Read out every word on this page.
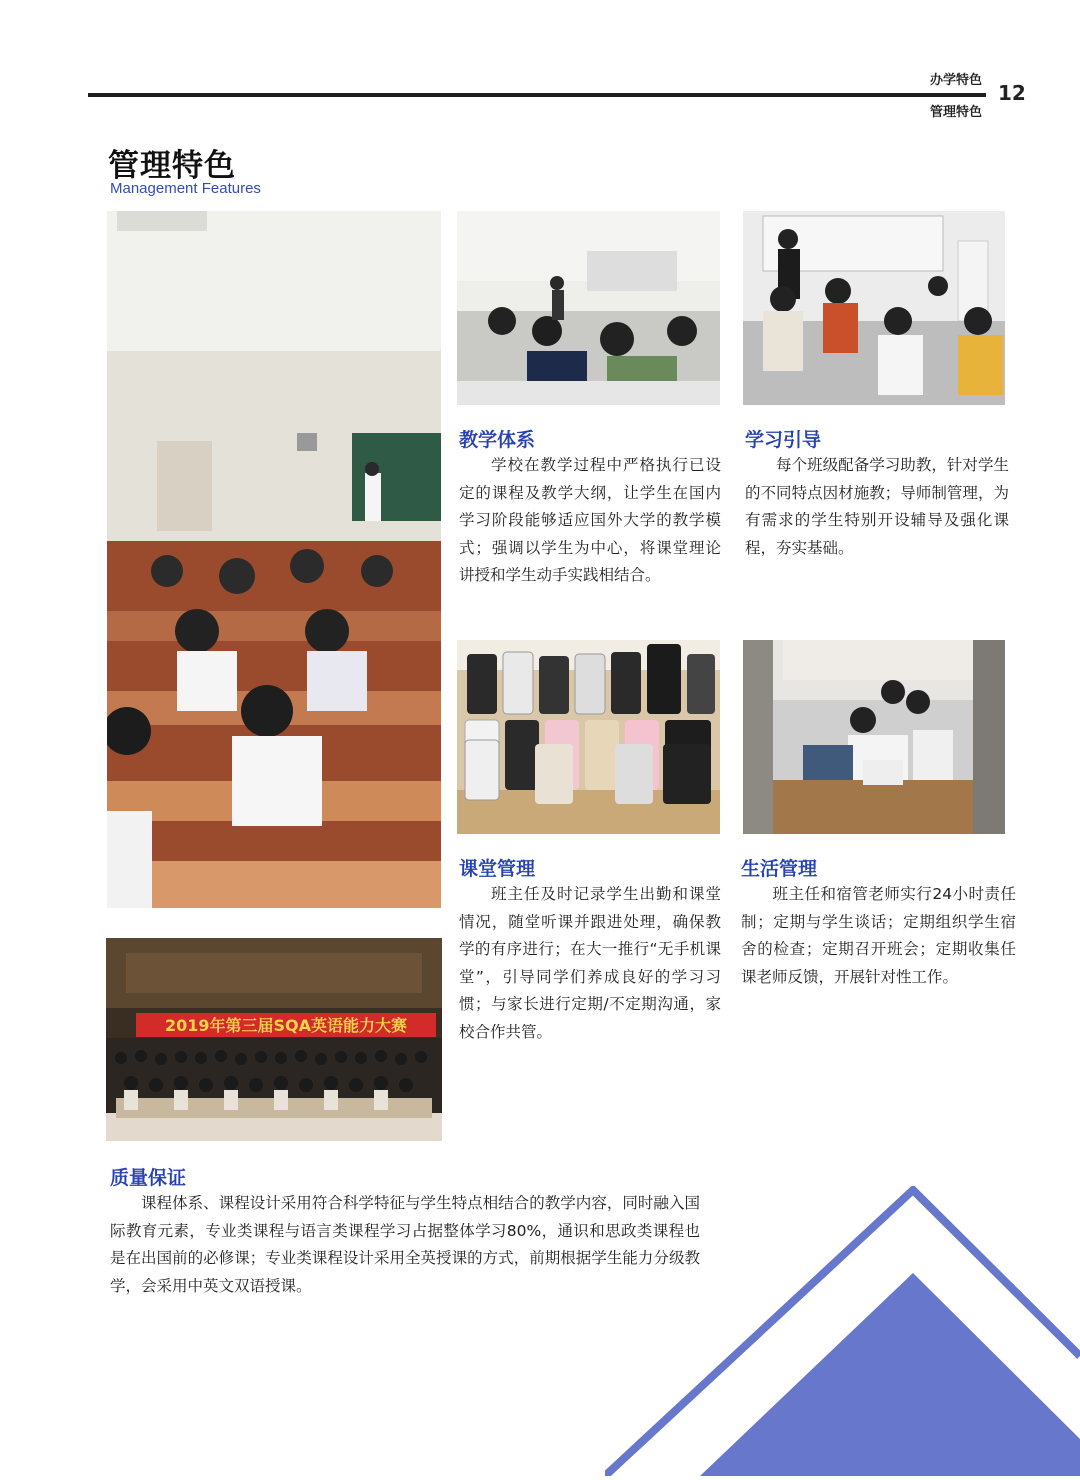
办学特色
管理特色
12
管理特色
Management Features
教学体系
学校在教学过程中严格执行已设定的课程及教学大纲，让学生在国内学习阶段能够适应国外大学的教学模式；强调以学生为中心，将课堂理论讲授和学生动手实践相结合。
学习引导
每个班级配备学习助教，针对学生的不同特点因材施教；导师制管理，为有需求的学生特别开设辅导及强化课程，夯实基础。
课堂管理
班主任及时记录学生出勤和课堂情况，随堂听课并跟进处理，确保教学的有序进行；在大一推行“无手机课堂”，引导同学们养成良好的学习习惯；与家长进行定期/不定期沟通，家校合作共管。
生活管理
班主任和宿管老师实行24小时责任制；定期与学生谈话；定期组织学生宿舍的检查；定期召开班会；定期收集任课老师反馈，开展针对性工作。
2019年第三届SQA英语能力大赛
质量保证
课程体系、课程设计采用符合科学特征与学生特点相结合的教学内容，同时融入国际教育元素，专业类课程与语言类课程学习占据整体学习80%，通识和思政类课程也是在出国前的必修课；专业类课程设计采用全英授课的方式，前期根据学生能力分级教学，会采用中英文双语授课。
